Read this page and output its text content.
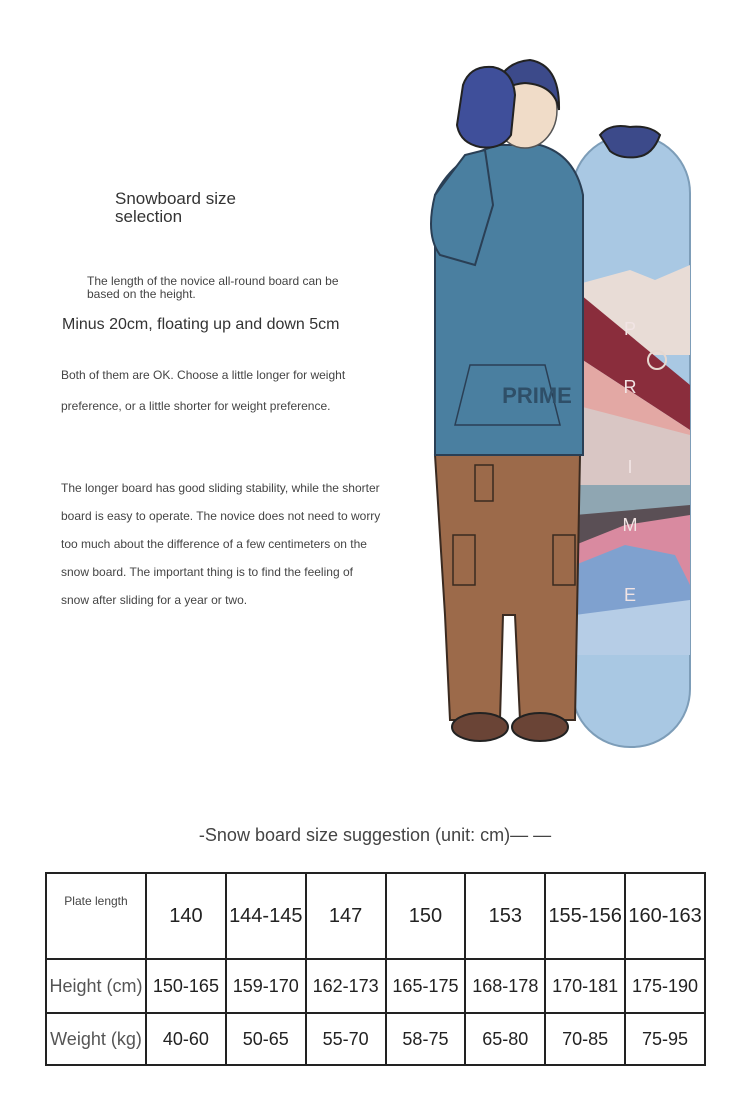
Snowboard size selection
The length of the novice all-round board can be based on the height.
Minus 20cm, floating up and down 5cm
Both of them are OK. Choose a little longer for weight preference, or a little shorter for weight preference.
The longer board has good sliding stability, while the shorter board is easy to operate. The novice does not need to worry too much about the difference of a few centimeters on the snow board. The important thing is to find the feeling of snow after sliding for a year or two.
P
R
I
M
E
PRIME
-Snow board size suggestion (unit: cm)— —
Plate length	140	144-145	147	150	153	155-156	160-163
Height (cm)	150-165	159-170	162-173	165-175	168-178	170-181	175-190
Weight (kg)	40-60	50-65	55-70	58-75	65-80	70-85	75-95
